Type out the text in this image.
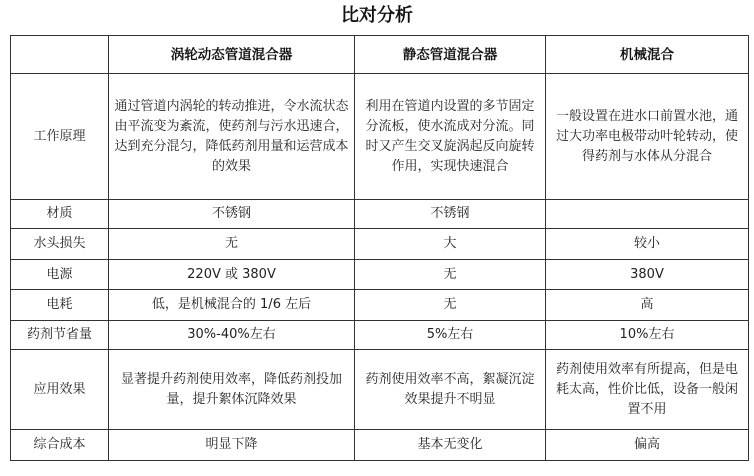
比对分析
	涡轮动态管道混合器	静态管道混合器	机械混合
工作原理	通过管道内涡轮的转动推进，令水流状态由平流变为紊流，使药剂与污水迅速合，达到充分混匀，降低药剂用量和运营成本的效果	利用在管道内设置的多节固定分流板，使水流成对分流。同时又产生交叉旋涡起反向旋转作用，实现快速混合	一般设置在进水口前置水池，通过大功率电极带动叶轮转动，使得药剂与水体从分混合
材质	不锈钢	不锈钢	
水头损失	无	大	较小
电源	220V 或 380V	无	380V
电耗	低，是机械混合的 1/6 左后	无	高
药剂节省量	30%-40%左右	5%左右	10%左右
应用效果	显著提升药剂使用效率，降低药剂投加量，提升絮体沉降效果	药剂使用效率不高，絮凝沉淀效果提升不明显	药剂使用效率有所提高，但是电耗太高，性价比低，设备一般闲置不用
综合成本	明显下降	基本无变化	偏高
